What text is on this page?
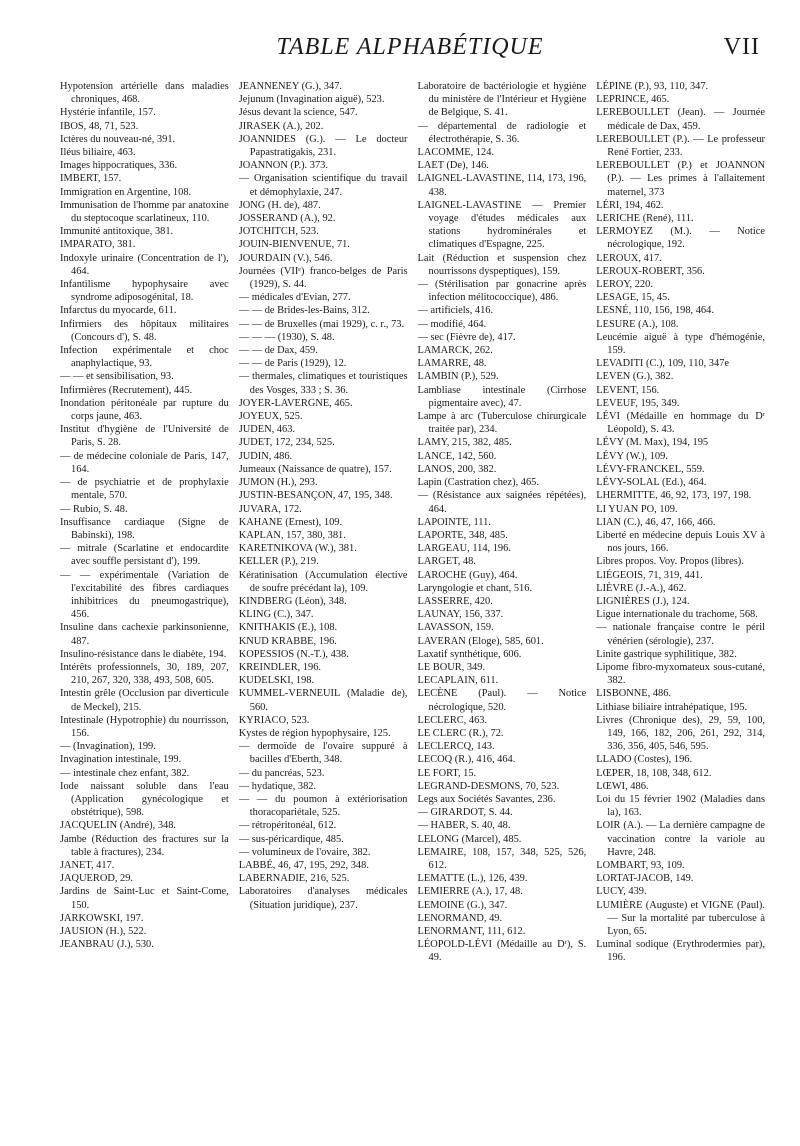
TABLE ALPHABÉTIQUE	VII

Hypotension artérielle dans maladies chroniques, 468.

Hystérie infantile, 157.

IBOS, 48, 71, 523.

Ictères du nouveau-né, 391.

Iléus biliaire, 463.

Images hippocratiques, 336.

IMBERT, 157.

Immigration en Argentine, 108.

Immunisation de l'homme par anatoxine du steptocoque scarlatineux, 110.

Immunité antitoxique, 381.

IMPARATO, 381.

Indoxyle urinaire (Concentration de l'), 464.

Infantilisme hypophysaire avec syndrome adiposogénital, 18.

Infarctus du myocarde, 611.

Infirmiers des hôpitaux militaires (Concours d'), S. 48.

Infection expérimentale et choc anaphylactique, 93.

— — et sensibilisation, 93.

Infirmières (Recrutement), 445.

Inondation péritonéale par rupture du corps jaune, 463.

Institut d'hygiène de l'Université de Paris, S. 28.

— de médecine coloniale de Paris, 147, 164.

— de psychiatrie et de prophylaxie mentale, 570.

— Rubio, S. 48.

Insuffisance cardiaque (Signe de Babinski), 198.

— mitrale (Scarlatine et endocardite avec souffle persistant d'), 199.

— — expérimentale (Variation de l'excitabilité des fibres cardiaques inhibitrices du pneumogastrique), 456.

Insuline dans cachexie parkinsonienne, 487.

Insulino-résistance dans le diabète, 194.

Intérêts professionnels, 30, 189, 207, 210, 267, 320, 338, 493, 508, 605.

Intestin grêle (Occlusion par diverticule de Meckel), 215.

Intestinale (Hypotrophie) du nourrisson, 156.

— (Invagination), 199.

Invagination intestinale, 199.

— intestinale chez enfant, 382.

Iode naissant soluble dans l'eau (Application gynécologique et obstétrique), 598.

JACQUELIN (André), 348.

Jambe (Réduction des fractures sur la table à fractures), 234.

JANET, 417.

JAQUEROD, 29.

Jardins de Saint-Luc et Saint-Come, 150.

JARKOWSKI, 197.

JAUSION (H.), 522.

JEANBRAU (J.), 530.

JEANNENEY (G.), 347.

Jejunum (Invagination aiguë), 523.

Jésus devant la science, 547.

JIRASEK (A.), 202.

JOANNIDES (G.). — Le docteur Papastratigakis, 231.

JOANNON (P.). 373.

— Organisation scientifique du travail et démophylaxie, 247.

JONG (H. de), 487.

JOSSERAND (A.), 92.

JOTCHITCH, 523.

JOUIN-BIENVENUE, 71.

JOURDAIN (V.), 546.

Journées (VIIᵉ) franco-belges de Paris (1929), S. 44.

— médicales d'Evian, 277.

— — de Brides-les-Bains, 312.

— — de Bruxelles (mai 1929), c. r., 73.

— — — (1930), S. 48.

— — de Dax, 459.

— — de Paris (1929), 12.

— thermales, climatiques et touristiques des Vosges, 333 ; S. 36.

JOYER-LAVERGNE, 465.

JOYEUX, 525.

JUDEN, 463.

JUDET, 172, 234, 525.

JUDIN, 486.

Jumeaux (Naissance de quatre), 157.

JUMON (H.), 293.

JUSTIN-BESANÇON, 47, 195, 348.

JUVARA, 172.

KAHANE (Ernest), 109.

KAPLAN, 157, 380, 381.

KARETNIKOVA (W.), 381.

KELLER (P.), 219.

Kératinisation (Accumulation élective de soufre précédant la), 109.

KINDBERG (Léon), 348.

KLING (C.), 347.

KNITHAKIS (E.), 108.

KNUD KRABBE, 196.

KOPESSIOS (N.-T.), 438.

KREINDLER, 196.

KUDELSKI, 198.

KUMMEL-VERNEUIL (Maladie de), 560.

KYRIACO, 523.

Kystes de région hypophysaire, 125.

— dermoïde de l'ovaire suppuré à bacilles d'Eberth, 348.

— du pancréas, 523.

— hydatique, 382.

— — du poumon à extériorisation thoracopariétale, 525.

— rétropéritonéal, 612.

— sus-péricardique, 485.

— volumineux de l'ovaire, 382.

LABBÉ, 46, 47, 195, 292, 348.

LABERNADIE, 216, 525.

Laboratoires d'analyses médicales (Situation juridique), 237.

Laboratoire de bactériologie et hygiène du ministère de l'Intérieur et Hygiène de Belgique, S. 41.

— départemental de radiologie et électrothérapie, S. 36.

LACOMME, 124.

LAET (De), 146.

LAIGNEL-LAVASTINE, 114, 173, 196, 438.

LAIGNEL-LAVASTINE — Premier voyage d'études médicales aux stations hydrominérales et climatiques d'Espagne, 225.

Lait (Réduction et suspension chez nourrissons dyspeptiques), 159.

— (Stérilisation par gonacrine après infection mélitococcique), 486.

— artificiels, 416.

— modifié, 464.

— sec (Fièvre de), 417.

LAMARCK, 262.

LAMARRE, 48.

LAMBIN (P.), 529.

Lambliase intestinale (Cirrhose pigmentaire avec), 47.

Lampe à arc (Tuberculose chirurgicale traitée par), 234.

LAMY, 215, 382, 485.

LANCE, 142, 560.

LANOS, 200, 382.

Lapin (Castration chez), 465.

— (Résistance aux saignées répétées), 464.

LAPOINTE, 111.

LAPORTE, 348, 485.

LARGEAU, 114, 196.

LARGET, 48.

LAROCHE (Guy), 464.

Laryngologie et chant, 516.

LASSERRE, 420.

LAUNAY, 156, 337.

LAVASSON, 159.

LAVERAN (Eloge), 585, 601.

Laxatif synthétique, 606.

LE BOUR, 349.

LECAPLAIN, 611.

LECÈNE (Paul). — Notice nécrologique, 520.

LECLERC, 463.

LE CLERC (R.), 72.

LECLERCQ, 143.

LECOQ (R.), 416, 464.

LE FORT, 15.

LEGRAND-DESMONS, 70, 523.

Legs aux Sociétés Savantes, 236.

— GIRARDOT, S. 44.

— HABER, S. 40, 48.

LELONG (Marcel), 485.

LEMAIRE, 108, 157, 348, 525, 526, 612.

LEMATTE (L.), 126, 439.

LEMIERRE (A.), 17, 48.

LEMOINE (G.), 347.

LENORMAND, 49.

LENORMANT, 111, 612.

LÉOPOLD-LÉVI (Médaille au Dʳ), S. 49.

LÉPINE (P.), 93, 110, 347.

LEPRINCE, 465.

LEREBOULLET (Jean). — Journée médicale de Dax, 459.

LEREBOULLET (P.). — Le professeur René Fortier, 233.

LEREBOULLET (P.) et JOANNON (P.). — Les primes à l'allaitement maternel, 373

LÉRI, 194, 462.

LERICHE (René), 111.

LERMOYEZ (M.). — Notice nécrologique, 192.

LEROUX, 417.

LEROUX-ROBERT, 356.

LEROY, 220.

LESAGE, 15, 45.

LESNÉ, 110, 156, 198, 464.

LESURE (A.), 108.

Leucémie aiguë à type d'hémogénie, 159.

LEVADITI (C.), 109, 110, 347e

LEVEN (G.), 382.

LEVENT, 156.

LEVEUF, 195, 349.

LÉVI (Médaille en hommage du Dʳ Léopold), S. 43.

LÉVY (M. Max), 194, 195

LÉVY (W.), 109.

LÉVY-FRANCKEL, 559.

LÉVY-SOLAL (Ed.), 464.

LHERMITTE, 46, 92, 173, 197, 198.

LI YUAN PO, 109.

LIAN (C.), 46, 47, 166, 466.

Liberté en médecine depuis Louis XV à nos jours, 166.

Libres propos. Voy. Propos (libres).

LIÉGEOIS, 71, 319, 441.

LIÈVRE (J.-A.), 462.

LIGNIÈRES (J.), 124.

Ligue internationale du trachome, 568.

— nationale française contre le péril vénérien (sérologie), 237.

Linite gastrique syphilitique, 382.

Lipome fibro-myxomateux sous-cutané, 382.

LISBONNE, 486.

Lithiase biliaire intrahépatique, 195.

Livres (Chronique des), 29, 59, 100, 149, 166, 182, 206, 261, 292, 314, 336, 356, 405, 546, 595.

LLADO (Costes), 196.

LŒPER, 18, 108, 348, 612.

LŒWI, 486.

Loi du 15 février 1902 (Maladies dans la), 163.

LOIR (A.). — La dernière campagne de vaccination contre la variole au Havre, 248.

LOMBART, 93, 109.

LORTAT-JACOB, 149.

LUCY, 439.

LUMIÈRE (Auguste) et VIGNE (Paul). — Sur la mortalité par tuberculose à Lyon, 65.

Luminal sodique (Erythrodermies par), 196.
